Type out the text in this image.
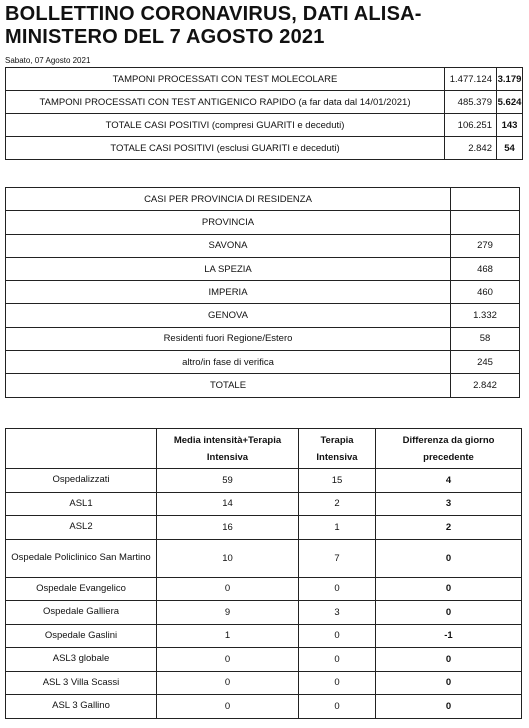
BOLLETTINO CORONAVIRUS, DATI ALISA-
MINISTERO DEL 7 AGOSTO 2021
Sabato, 07 Agosto 2021
TAMPONI PROCESSATI CON TEST MOLECOLARE	1.477.124	3.179
TAMPONI PROCESSATI CON TEST ANTIGENICO RAPIDO (a far data dal 14/01/2021)	485.379	5.624
TOTALE CASI POSITIVI (compresi GUARITI e deceduti)	106.251	143
TOTALE CASI POSITIVI (esclusi GUARITI e deceduti)	2.842	54
CASI PER PROVINCIA DI RESIDENZA	
PROVINCIA	
SAVONA	279
LA SPEZIA	468
IMPERIA	460
GENOVA	1.332
Residenti fuori Regione/Estero	58
altro/in fase di verifica	245
TOTALE	2.842
	Media intensità+Terapia Intensiva	Terapia Intensiva	Differenza da giorno precedente
Ospedalizzati	59	15	4
ASL1	14	2	3
ASL2	16	1	2
Ospedale Policlinico San Martino	10	7	0
Ospedale Evangelico	0	0	0
Ospedale Galliera	9	3	0
Ospedale Gaslini	1	0	-1
ASL3 globale	0	0	0
ASL 3 Villa Scassi	0	0	0
ASL 3 Gallino	0	0	0
